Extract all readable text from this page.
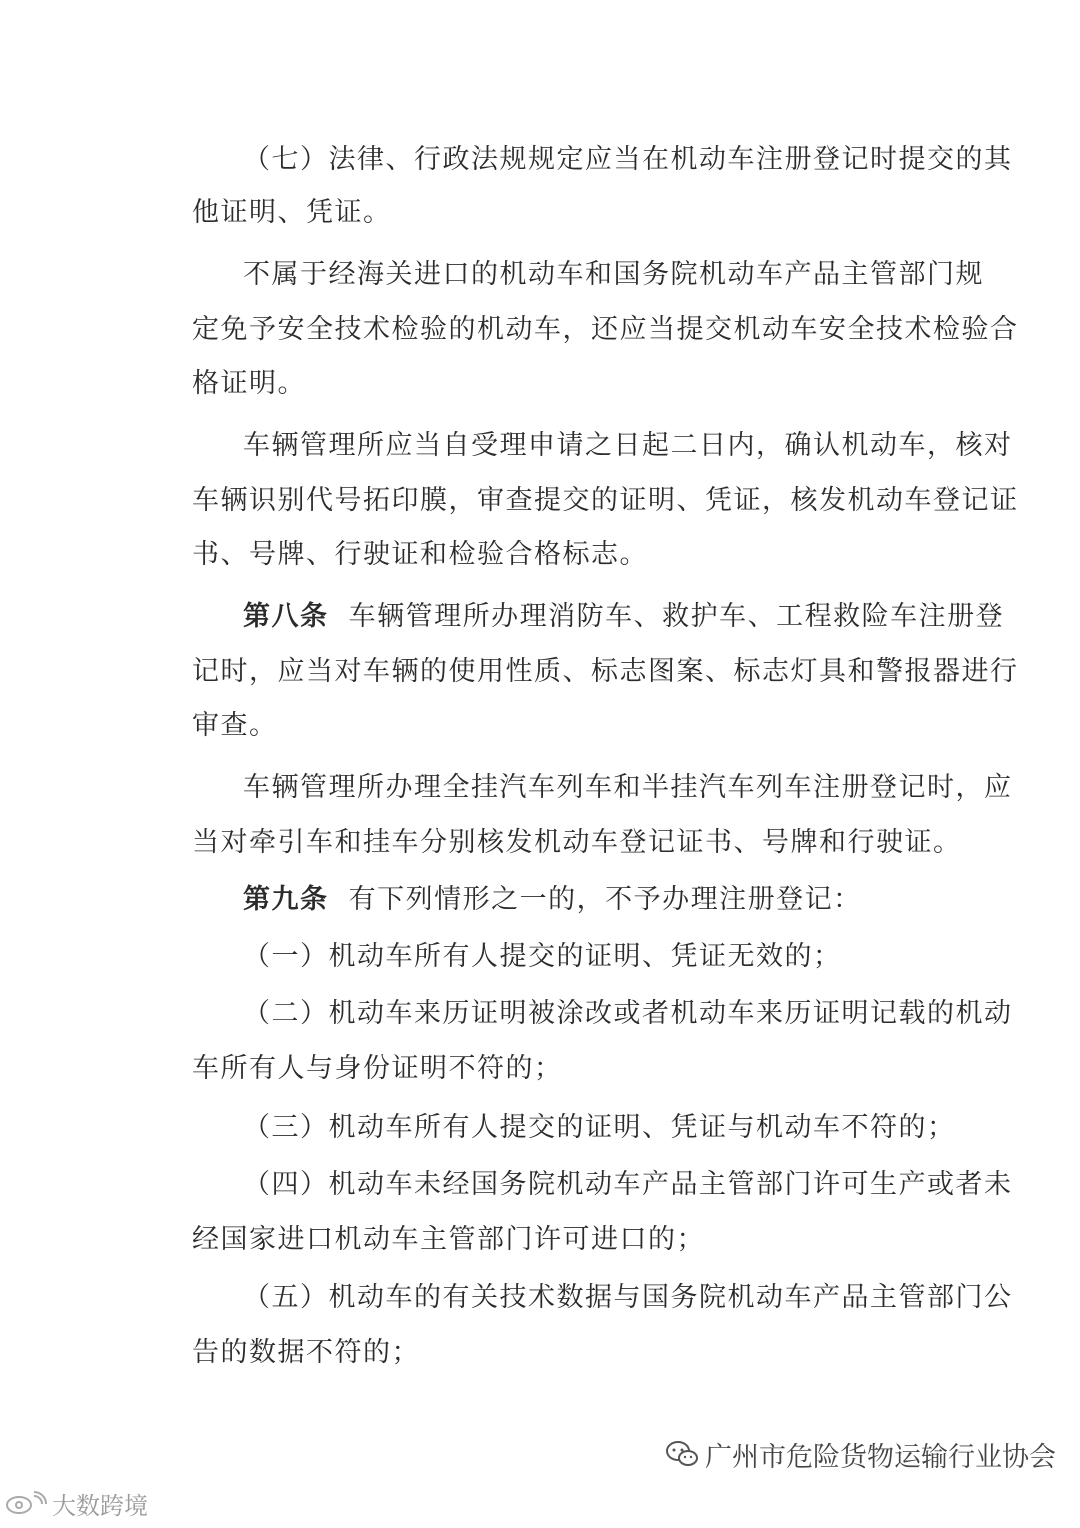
（七）法律、行政法规规定应当在机动车注册登记时提交的其

他证明、凭证。

不属于经海关进口的机动车和国务院机动车产品主管部门规

定免予安全技术检验的机动车，还应当提交机动车安全技术检验合

格证明。

车辆管理所应当自受理申请之日起二日内，确认机动车，核对

车辆识别代号拓印膜，审查提交的证明、凭证，核发机动车登记证

书、号牌、行驶证和检验合格标志。

第八条 车辆管理所办理消防车、救护车、工程救险车注册登

记时，应当对车辆的使用性质、标志图案、标志灯具和警报器进行

审查。

车辆管理所办理全挂汽车列车和半挂汽车列车注册登记时，应

当对牵引车和挂车分别核发机动车登记证书、号牌和行驶证。

第九条 有下列情形之一的，不予办理注册登记：

（一）机动车所有人提交的证明、凭证无效的；

（二）机动车来历证明被涂改或者机动车来历证明记载的机动

车所有人与身份证明不符的；

（三）机动车所有人提交的证明、凭证与机动车不符的；

（四）机动车未经国务院机动车产品主管部门许可生产或者未

经国家进口机动车主管部门许可进口的；

（五）机动车的有关技术数据与国务院机动车产品主管部门公

告的数据不符的；

广州市危险货物运输行业协会
大数跨境
